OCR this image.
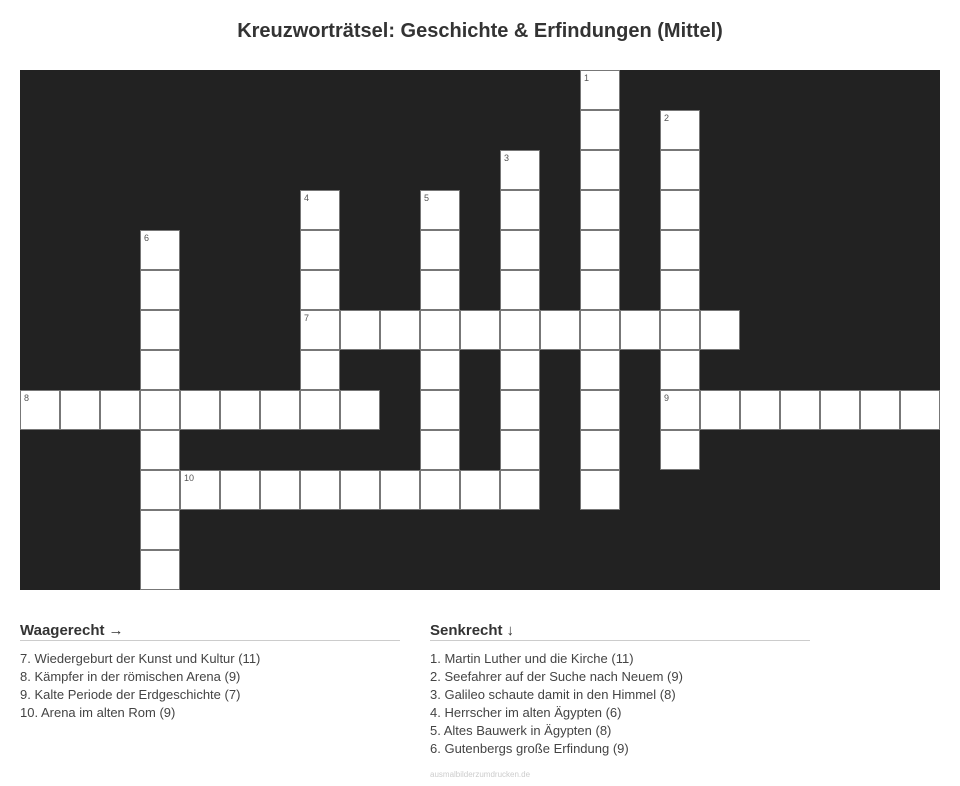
Kreuzworträtsel: Geschichte & Erfindungen (Mittel)
1
2
9
3
4
7
5
6
8
10
Waagerecht →
7. Wiedergeburt der Kunst und Kultur (11)
8. Kämpfer in der römischen Arena (9)
9. Kalte Periode der Erdgeschichte (7)
10. Arena im alten Rom (9)
Senkrecht ↓
1. Martin Luther und die Kirche (11)
2. Seefahrer auf der Suche nach Neuem (9)
3. Galileo schaute damit in den Himmel (8)
4. Herrscher im alten Ägypten (6)
5. Altes Bauwerk in Ägypten (8)
6. Gutenbergs große Erfindung (9)
ausmalbilderzumdrucken.de
